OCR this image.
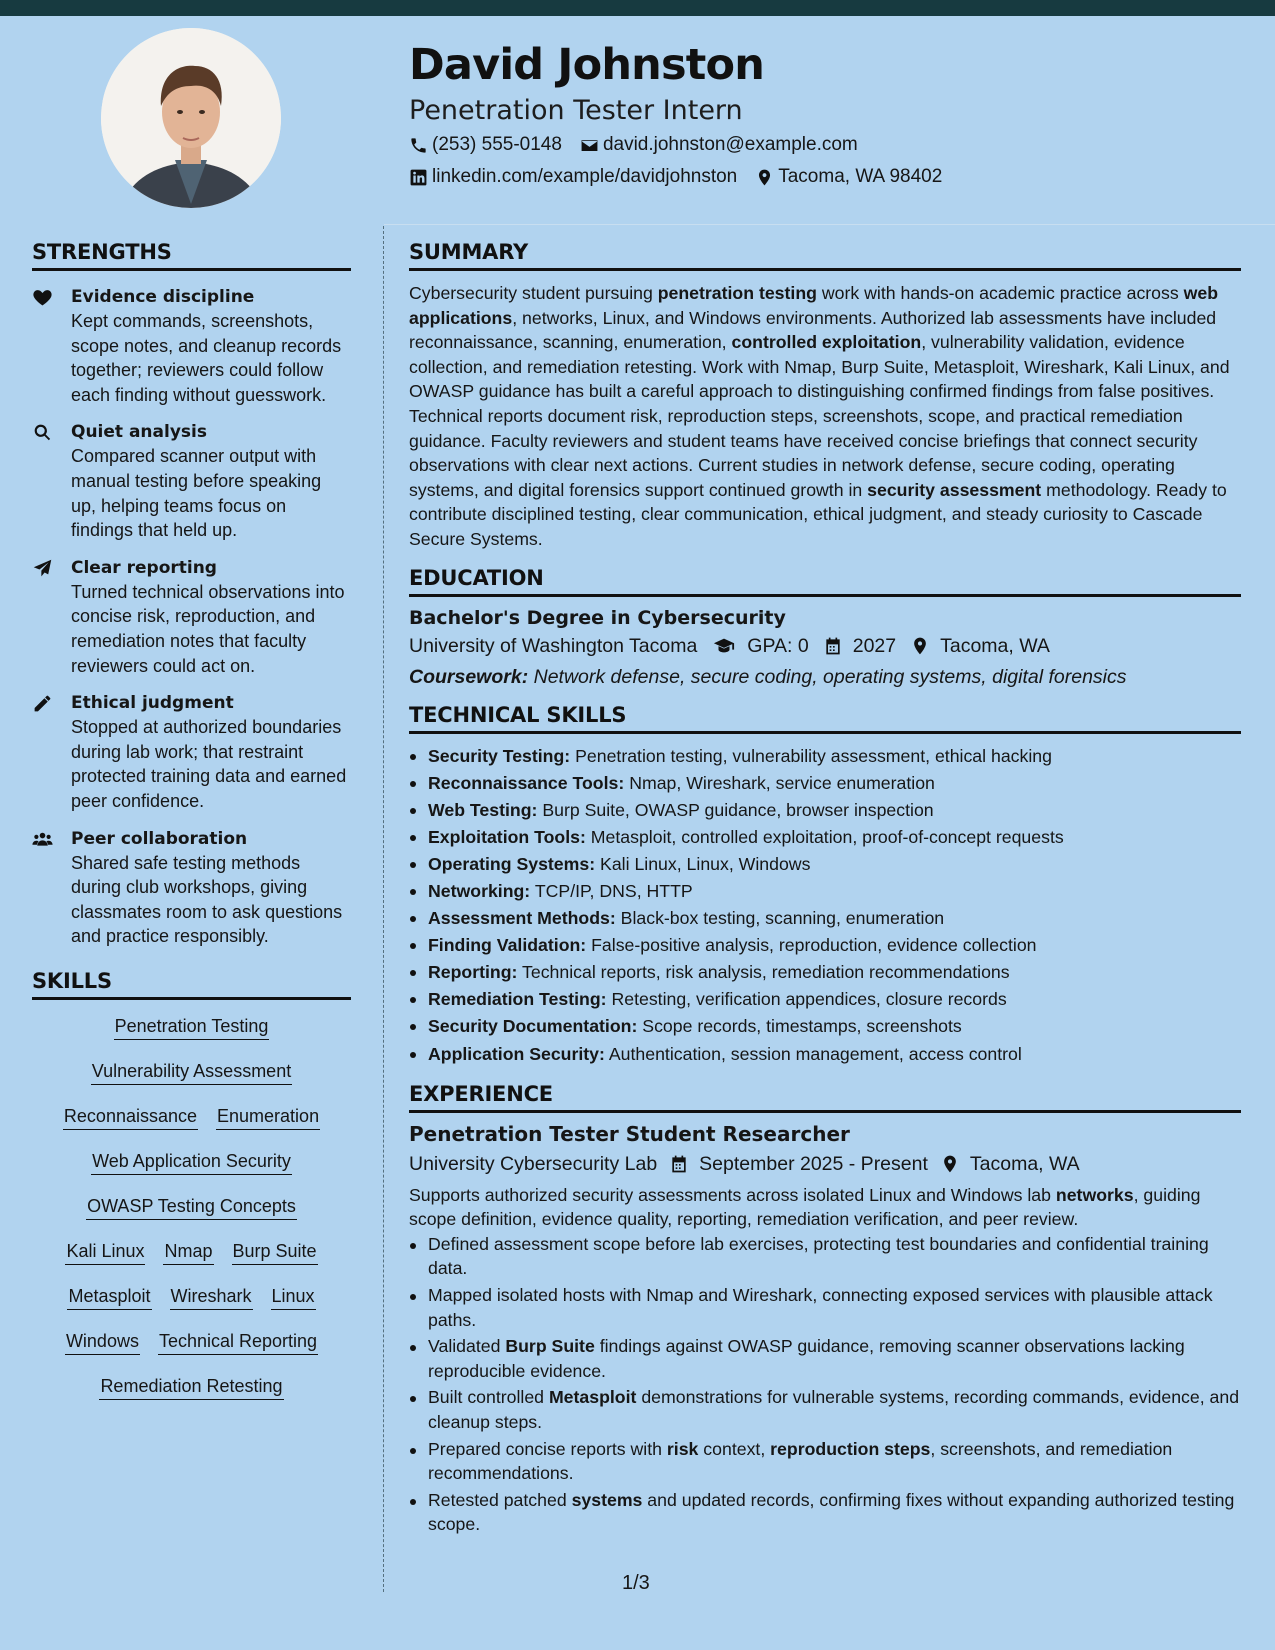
David Johnston
Penetration Tester Intern
(253) 555-0148 david.johnston@example.com
linkedin.com/example/davidjohnston Tacoma, WA 98402
STRENGTHS
Evidence discipline
Kept commands, screenshots, scope notes, and cleanup records together; reviewers could follow each finding without guesswork.
Quiet analysis
Compared scanner output with manual testing before speaking up, helping teams focus on findings that held up.
Clear reporting
Turned technical observations into concise risk, reproduction, and remediation notes that faculty reviewers could act on.
Ethical judgment
Stopped at authorized boundaries during lab work; that restraint protected training data and earned peer confidence.
Peer collaboration
Shared safe testing methods during club workshops, giving classmates room to ask questions and practice responsibly.
SKILLS
Penetration Testing
Vulnerability Assessment
Reconnaissance Enumeration
Web Application Security
OWASP Testing Concepts
Kali Linux Nmap Burp Suite
Metasploit Wireshark Linux
Windows Technical Reporting
Remediation Retesting
SUMMARY

Cybersecurity student pursuing penetration testing work with hands-on academic practice across web applications, networks, Linux, and Windows environments. Authorized lab assessments have included reconnaissance, scanning, enumeration, controlled exploitation, vulnerability validation, evidence collection, and remediation retesting. Work with Nmap, Burp Suite, Metasploit, Wireshark, Kali Linux, and OWASP guidance has built a careful approach to distinguishing confirmed findings from false positives. Technical reports document risk, reproduction steps, screenshots, scope, and practical remediation guidance. Faculty reviewers and student teams have received concise briefings that connect security observations with clear next actions. Current studies in network defense, secure coding, operating systems, and digital forensics support continued growth in security assessment methodology. Ready to contribute disciplined testing, clear communication, ethical judgment, and steady curiosity to Cascade Secure Systems.

EDUCATION
Bachelor's Degree in Cybersecurity
University of Washington Tacoma	GPA: 0 2027 Tacoma, WA
Coursework: Network defense, secure coding, operating systems, digital forensics
TECHNICAL SKILLS
Security Testing: Penetration testing, vulnerability assessment, ethical hacking
Reconnaissance Tools: Nmap, Wireshark, service enumeration
Web Testing: Burp Suite, OWASP guidance, browser inspection
Exploitation Tools: Metasploit, controlled exploitation, proof-of-concept requests
Operating Systems: Kali Linux, Linux, Windows
Networking: TCP/IP, DNS, HTTP
Assessment Methods: Black-box testing, scanning, enumeration
Finding Validation: False-positive analysis, reproduction, evidence collection
Reporting: Technical reports, risk analysis, remediation recommendations
Remediation Testing: Retesting, verification appendices, closure records
Security Documentation: Scope records, timestamps, screenshots
Application Security: Authentication, session management, access control
EXPERIENCE
Penetration Tester Student Researcher
University Cybersecurity Lab September 2025 - Present Tacoma, WA

Supports authorized security assessments across isolated Linux and Windows lab networks, guiding scope definition, evidence quality, reporting, remediation verification, and peer review.

Defined assessment scope before lab exercises, protecting test boundaries and confidential training data.
Mapped isolated hosts with Nmap and Wireshark, connecting exposed services with plausible attack paths.
Validated Burp Suite findings against OWASP guidance, removing scanner observations lacking reproducible evidence.
Built controlled Metasploit demonstrations for vulnerable systems, recording commands, evidence, and cleanup steps.
Prepared concise reports with risk context, reproduction steps, screenshots, and remediation recommendations.
Retested patched systems and updated records, confirming fixes without expanding authorized testing scope.
1/3
